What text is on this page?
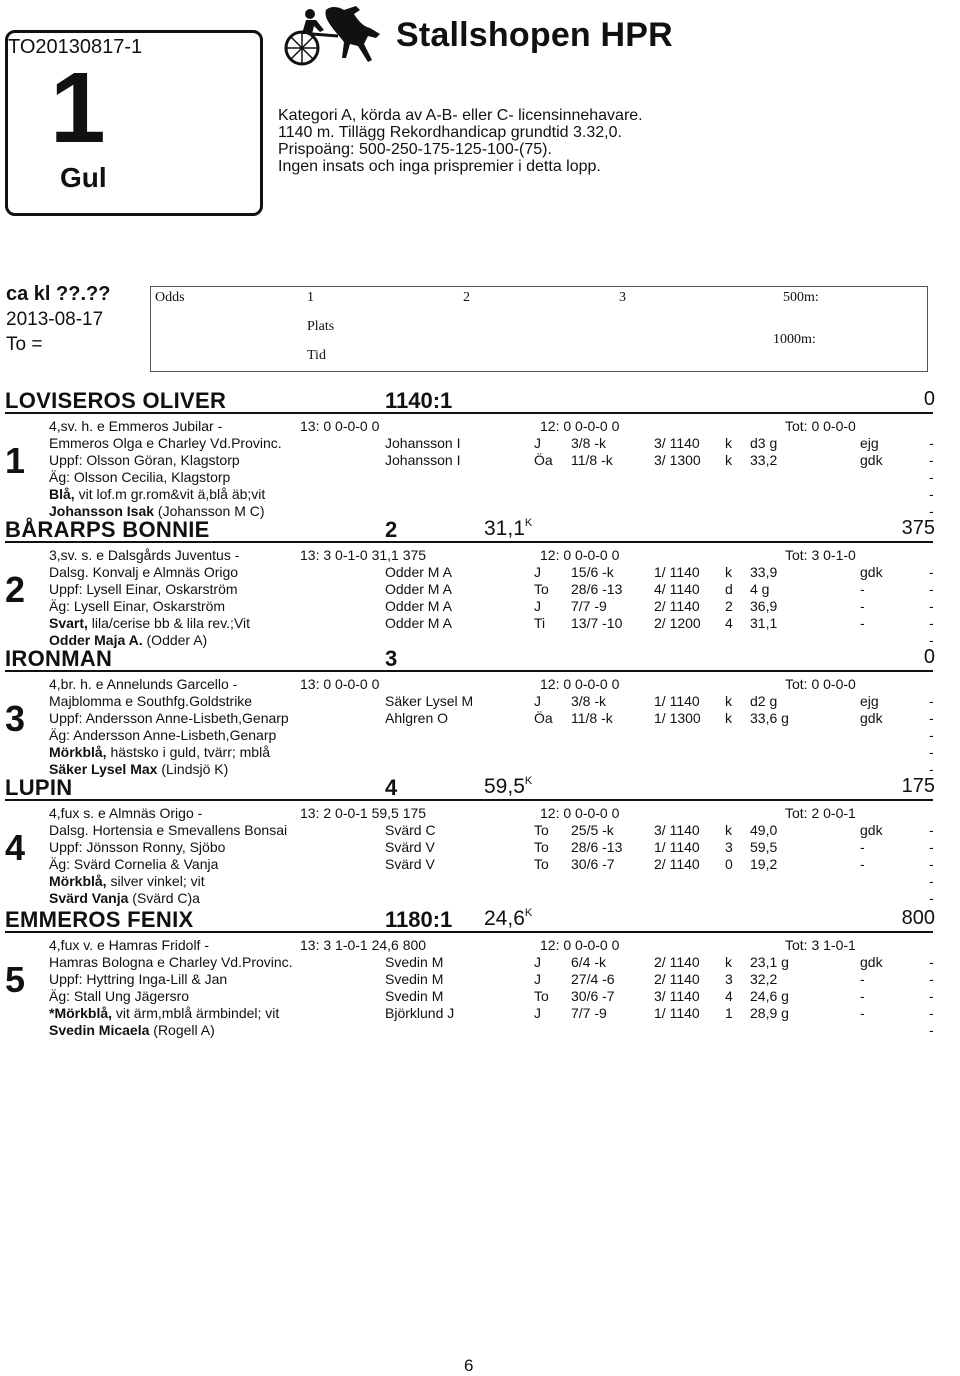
TO20130817-1
1
Gul
Stallshopen HPR
Kategori A, körda av A-B- eller C- licensinnehavare.
1140 m. Tillägg Rekordhandicap grundtid 3.32,0.
Prispoäng: 500-250-175-125-100-(75).
Ingen insats och inga prispremier i detta lopp.
ca kl ??.??
2013-08-17
To =
Odds	1	2	3	500m:
Plats
1000m:
Tid
LOVISEROS OLIVER	1140:1	0
1
4,sv. h. e Emmeros Jubilar -	13: 0 0-0-0 0	12: 0 0-0-0 0	Tot: 0 0-0-0
Emmeros Olga e Charley Vd.Provinc.	Johansson I	J 3/8 -k	3/ 1140 k d3 g	ejg	-
Uppf: Olsson Göran, Klagstorp	Johansson I	Öa 11/8 -k	3/ 1300 k 33,2	gdk	-
Äg: Olsson Cecilia, Klagstorp	-
Blå, vit lof.m gr.rom&vit ä,blå äb;vit	-
Johansson Isak (Johansson M C)	-
BÅRARPS BONNIE	2	$31,1^K$	375
2
3,sv. s. e Dalsgårds Juventus -	13: 3 0-1-0 31,1 375	12: 0 0-0-0 0	Tot: 3 0-1-0
Dalsg. Konvalj e Almnäs Origo	Odder M A	J 15/6 -k	1/ 1140 k 33,9	gdk	-
Uppf: Lysell Einar, Oskarström	Odder M A	To 28/6 -13 4/ 1140 d 4 g	-	-
Äg: Lysell Einar, Oskarström	Odder M A	J 7/7 -9	2/ 1140 2 36,9	-	-
Svart, lila/cerise bb & lila rev.;Vit	Odder M A	Ti 13/7 -10 2/ 1200 4 31,1	-	-
Odder Maja A. (Odder A)	-
IRONMAN	3	0
3
4,br. h. e Annelunds Garcello -	13: 0 0-0-0 0	12: 0 0-0-0 0	Tot: 0 0-0-0
Majblomma e Southfg.Goldstrike	Säker Lysel M	J 3/8 -k	1/ 1140 k d2 g	ejg	-
Uppf: Andersson Anne-Lisbeth,Genarp	Ahlgren O	Öa 11/8 -k	1/ 1300 k 33,6 g	gdk	-
Äg: Andersson Anne-Lisbeth,Genarp	-
Mörkblå, hästsko i guld, tvärr; mblå	-
Säker Lysel Max (Lindsjö K)	-
LUPIN	4	$59,5^K$	175
4
4,fux s. e Almnäs Origo -	13: 2 0-0-1 59,5 175	12: 0 0-0-0 0	Tot: 2 0-0-1
Dalsg. Hortensia e Smevallens Bonsai	Svärd C	To 25/5 -k	3/ 1140 k 49,0	gdk	-
Uppf: Jönsson Ronny, Sjöbo	Svärd V	To 28/6 -13 1/ 1140 3 59,5	-	-
Äg: Svärd Cornelia & Vanja	Svärd V	To 30/6 -7	2/ 1140 0 19,2	-	-
Mörkblå, silver vinkel; vit	-
Svärd Vanja (Svärd C)a	-
EMMEROS FENIX	1180:1 $24,6^K$	800
5
4,fux v. e Hamras Fridolf -	13: 3 1-0-1 24,6 800	12: 0 0-0-0 0	Tot: 3 1-0-1
Hamras Bologna e Charley Vd.Provinc.	Svedin M	J 6/4 -k	2/ 1140 k 23,1 g	gdk	-
Uppf: Hyttring Inga-Lill & Jan	Svedin M	J 27/4 -6	2/ 1140 3 32,2	-	-
Äg: Stall Ung Jägersro	Svedin M	To 30/6 -7	3/ 1140 4 24,6 g	-	-
*Mörkblå, vit ärm,mblå ärmbindel; vit	Björklund J	J 7/7 -9	1/ 1140 1 28,9 g	-	-
Svedin Micaela (Rogell A)	-
6
